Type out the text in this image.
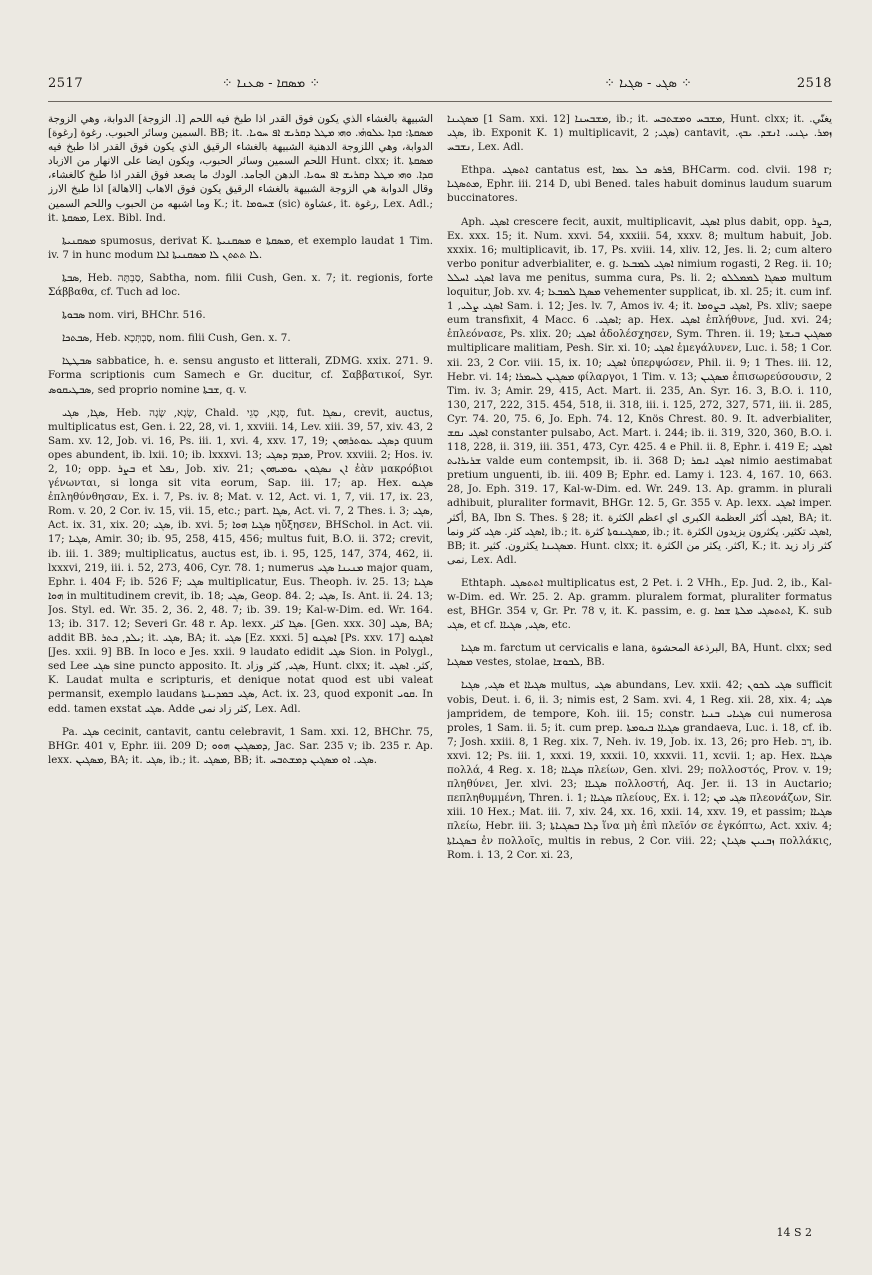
2517	⁘ ܡܣܩܐ - ܣܥܢܐ ⁘	⁘ ܣܓܝ - ܣܓܝܐ ⁘	2518

الدوابة، وهي الزوجة [الزوجة .l] الشبيهة بالغشاء الذي يكون فوق القدر اذا طبخ فيه اللحم السمين وسائر الحبوب. رغوة [رغوة]. BB; it. ܡܣܩܬܐ: ܩܕܐ ܥܠܘܗ̇ܝ. ܘܗܝ ܡܛܠ ܕܩܪܝܫ ܐܦ ܚܘܝܐ. الدوابة، وهي اللزوجة الدهنية الشبيهة بالغشاء الرقيق الذي يكون فوق القدر اذا طبخ فيه اللحم السمين وسائر الحبوب، ويكون ايضا على الانهار من الازباد Hunt. clxx; it. ܡܣܩܬܐ ܩܕܐ. ܘܗܝ ܡܛܠ ܕܩܪܝܫ ܐܦ ܚܘܝܐ. الدهن الجامد. الودك ما يصعد فوق القدر اذا طبخ كالغشاء، وقال الدوابة هي الزوجة الشبيهة بالغشاء الرقيق يكون فوق الاهاب [الاهالة] اذا طبخ الارز وما اشبهه من الحبوب واللحم السمين K.; it. ܫܚܘܡܐ (sic) عشاوة, it. رغوة, Lex. Adl.; it. ܡܣܩܬܐ, Lex. Bibl. Ind.

ܡܣܩܢܝܬܐ spumosus, derivat K. ܡܣܩܢܝܬܐ e ܡܣܩܬܐ, et exemplo laudat 1 Tim. iv. 7 in hunc modum ܠܐ ܬܬܬܢ ܠܐ ܡܣܩܢܝܬܐ ܐܠܐ.

ܣܒܬܐ, Heb. סַבְתָּה, Sabtha, nom. filii Cush, Gen. x. 7; it. regionis, forte Σάββαθα, cf. Tuch ad loc.

ܣܒܘܬܐ nom. viri, BHChr. 516.

ܣܒܬܟܐ, Heb. סַבְתְּכָא, nom. filii Cush, Gen. x. 7.

ܣܒܛܛܐ sabbatice, h. e. sensu angusto et litterali, ZDMG. xxix. 271. 9. Forma scriptionis cum Samech e Gr. ducitur, cf. Σαββατικοί, Syr. ܣܒܛܝܩܘܣ, sed proprio nomine ܫܒܬܐ, q. v.

ܣܓܐ, ܣܓܝ, Heb. שָׂגָא, שָׂגָה, Chald. סְגָא, סְגֵי, fut. ܢܣܓܐ, crevit, auctus, multiplicatus est, Gen. i. 22, 28, vi. 1, xxviii. 14, Lev. xiii. 39, 57, xiv. 43, 2 Sam. xv. 12, Job. vi. 16, Ps. iii. 1, xvi. 4, xxv. 17, 19; ܕܣܓܝ ܥܘܬܪܗܘܢ quum opes abundent, ib. lxii. 10; ib. lxxxvi. 13; ܡܕܡ ܕܣܓܝ, Prov. xxviii. 2; Hos. iv. 2, 10; opp. ܒܨܪ et ܢܦܠ, Job. xiv. 21; ܐܢ ܢܣܓܘܢ ܝܘܡܝܗܘܢ ἐὰν μακρόβιοι γένωνται, si longa sit vita eorum, Sap. iii. 17; ap. Hex. ܣܓܝܘ ἐπληθύνθησαν, Ex. i. 7, Ps. iv. 8; Mat. v. 12, Act. vi. 1, 7, vii. 17, ix. 23, Rom. v. 20, 2 Cor. iv. 15, vii. 15, etc.; part. ܣܓܐ, Act. vi. 7, 2 Thes. i. 3; ܣܓܝ, Act. ix. 31, xix. 20; ܣܓܝ, ib. xvi. 5; ܣܓܝܐ ܗܘܐ ηὔξησεν, BHSchol. in Act. vii. 17; ܣܓܝܐ, Amir. 30; ib. 95, 258, 415, 456; multus fuit, B.O. ii. 372; crevit, ib. iii. 1. 389; multiplicatus, auctus est, ib. i. 95, 125, 147, 374, 462, ii. lxxxvi, 219, iii. i. 52, 273, 406, Cyr. 78. 1; numerus ܡܢܝܢܐ ܣܓܝ major quam, Ephr. i. 404 F; ib. 526 F; ܣܓܝ multiplicatur, Eus. Theoph. iv. 25. 13; ܣܓܝܐ ܗܘܐ in multitudinem crevit, ib. 18; ܣܓܝ, Geop. 84. 2; ܣܓܝ, Is. Ant. ii. 24. 13; Jos. Styl. ed. Wr. 35. 2, 36. 2, 48. 7; ib. 39. 19; Kal-w-Dim. ed. Wr. 164. 13; ib. 317. 12; Severi Gr. 48 r. Ap. lexx. ܣܓܐ كثر. [Gen. xxx. 30] ܣܓܝ, BA; addit BB. ܝܠܕ, ܟܬܪ; it. ܣܓܝ, BA; it. ܣܓܝ [Ez. xxxi. 5] ܐܣܓܝܘ [Ps. xxv. 17] ܐܣܓܝܘ [Jes. xxii. 9] BB. In loco e Jes. xxii. 9 laudato edidit ܣܓܝ Sion. in Polygl., sed Lee ܣܓܝ sine puncto apposito. It. ܣܓܝ, كثر وزاد, Hunt. clxx; it. كثر. ܐܣܓܝ, K. Laudat multa e scripturis, et denique notat quod est ubi valeat permansit, exemplo laudans ܣܓܝ ܒܡܕܝܢܬܐ, Act. ix. 23, quod exponit ܩܘܝ. In edd. tamen exstat ܣܓܝ. Adde كثر زاد نمى, Lex. Adl.

Pa. ܣܓܝ cecinit, cantavit, cantu celebravit, 1 Sam. xxi. 12, BHChr. 75, BHGr. 401 v, Ephr. iii. 209 D; ܕܡܣܓܝܢ ܗܘܘ, Jac. Sar. 235 v; ib. 235 r. Ap. lexx. ܡܣܓܝܢ, BA; it. ܣܓܝ, ib.; it. ܡܣܓܝ, BB; it. ܣܓܝ. ܐܘ ܡܣܓܝܢ ܕܡܫܬܒܚ.

ܡܣܓܝܢܐ [1 Sam. xxi. 12] ܡܫܒܚܢܐ, ib.; it. ܡܫܒܚ ܘܡܫܬܒܚ, Hunt. clxx; it. يغنّي. ܣܓܝ, ib. Exponit K. 1) multiplicavit, ܣܓܝ; 2) cantavit, ܙܡܪ. ܝܓܢܝ. ܐܢܫܕ. ܝܒܟ. ܢܫܒܚ, Lex. Adl.

Ethpa. ܐܬܣܓܝ cantatus est, ܦܪܣ ܟܠ ܥܡܐ, BHCarm. cod. clvii. 198 r; ܡܬܣܓܝܐ, Ephr. iii. 214 D, ubi Bened. tales habuit dominus laudum suarum buccinatores.

Aph. ܐܣܓܝ crescere fecit, auxit, multiplicavit, ܐܣܓܝ plus dabit, opp. ܒܨܪ, Ex. xxx. 15; it. Num. xxvi. 54, xxxiii. 54, xxxv. 8; multum habuit, Job. xxxix. 16; multiplicavit, ib. 17, Ps. xviii. 14, xliv. 12, Jes. li. 2; cum altero verbo ponitur adverbialiter, e. g. ܐܣܓܝ ܠܡܒܥܐ nimium rogasti, 2 Reg. ii. 10; ܐܣܓܝ ܐܚܠܠ lava me penitus, summa cura, Ps. li. 2; ܡܣܓܐ ܠܡܡܠܠܘ multum loquitur, Job. xv. 4; ܡܣܓܐ ܠܡܒܥܐ vehementer supplicat, ib. xl. 25; it. cum inf. ܐܣܓܝ ܨܠܝ, 1 Sam. i. 12; Jes. lv. 7, Amos iv. 4; it. ܐܣܓܝ ܒܨܘܡܐ, Ps. xliv; saepe eum transfixit, 4 Macc. ܐܣܓܝ. 6; ap. Hex. ܐܣܓܝ ἐπλήθυνε, Jud. xvi. 24; ἐπλεόνασε, Ps. xlix. 20; ܐܣܓܝ ἀδολέσχησεν, Sym. Thren. ii. 19; ܡܣܓܝܢ ܒܝܫܬܐ multiplicare malitiam, Pesh. Sir. xi. 10; ܐܣܓܝ ἐμεγάλυνεν, Luc. i. 58; 1 Cor. xii. 23, 2 Cor. viii. 15, ix. 10; ܐܣܓܝ ὑπερψώσεν, Phil. ii. 9; 1 Thes. iii. 12, Hebr. vi. 14; ܡܣܓܝܢ ܠܚܡܪܐ φίλαργοι, 1 Tim. v. 13; ܡܣܓܝܢ ἐπισωρεύσουσιν, 2 Tim. iv. 3; Amir. 29, 415, Act. Mart. ii. 235, An. Syr. 16. 3, B.O. i. 110, 130, 217, 222, 315. 454, 518, ii. 318, iii. i. 125, 272, 327, 571, iii. ii. 285, Cyr. 74. 20, 75. 6, Jo. Eph. 74. 12, Knös Chrest. 80. 9. It. adverbialiter, ܐܣܓܝ ܢܩܫ constanter pulsabo, Act. Mart. i. 244; ib. ii. 319, 320, 360, B.O. i. 118, 228, ii. 319, iii. 351, 473, Cyr. 425. 4 e Phil. ii. 8, Ephr. i. 419 E; ܐܣܓܝ ܫܪܝܪܐܝܬ valde eum contempsit, ib. ii. 368 D; ܐܣܓܝ ܐܝܩܪ nimio aestimabat pretium unguenti, ib. iii. 409 B; Ephr. ed. Lamy i. 123. 4, 167. 10, 663. 28, Jo. Eph. 319. 17, Kal-w-Dim. ed. Wr. 249. 13. Ap. gramm. in plurali adhibuit, pluraliter formavit, BHGr. 12. 5, Gr. 355 v. Ap. lexx. ܐܣܓܝ imper. أكثر, BA, Ibn S. Thes. § 28; it. ܐܣܓܝ أكثر العظمة الكبرى اي اعظم الكثرة, BA; it. ܐܣܓܝ كثر. ܣܓܝ كثر ونما, ib.; it. ܡܣܓܝܢܘܬܐ كثرة, ib.; it. ܐܣܓܝ تكثير. يكثرون يزيدون الكثرة, BB; it. ܡܣܓܝܢܐ يكثرون. كثير. Hunt. clxx; it. اكثر. يكثر من الكثرة, K.; it. كثر زاد زيد نمى, Lex. Adl.

Ethtaph. ܐܬܬܣܓܝ multiplicatus est, 2 Pet. i. 2 VHh., Ep. Jud. 2, ib., Kal-w-Dim. ed. Wr. 25. 2. Ap. gramm. pluralem format, pluraliter formatus est, BHGr. 354 v, Gr. Pr. 78 v, it. K. passim, e. g. ܐܬܬܣܓܝ ܡܠܬܐ ܫܡܐ, K. sub ܣܓܝ, et cf. ܣܓܝ, ܣܓܝܐܐ, etc.

ܣܓܝܐ m. farctum ut cervicalis e lana, البرذعة المحشوة, BA, Hunt. clxx; sed ܡܣܓܝܐ vestes, stolae, ܠܒܘܫܐ, BB.

ܣܓܝ, ܣܓܝܐ et ܣܓܝܐܐ multus, ܣܓܝ abundans, Lev. xxii. 42; ܣܓܝ ܠܟܘܢ sufficit vobis, Deut. i. 6, ii. 3; nimis est, 2 Sam. xvi. 4, 1 Reg. xii. 28, xix. 4; ܣܓܝ jampridem, de tempore, Koh. iii. 15; constr. ܣܓܝܐܝ ܒܢܝܐ cui numerosa proles, 1 Sam. ii. 5; it. cum prep. ܣܓܝܐܐ ܒܝܘܡܬܐ grandaeva, Luc. i. 18, cf. ib. 7; Josh. xxiii. 8, 1 Reg. xix. 7, Neh. iv. 19, Job. ix. 13, 26; pro Heb. רַב, ib. xxvi. 12; Ps. iii. 1, xxxi. 19, xxxii. 10, xxxvii. 11, xcvii. 1; ap. Hex. ܣܓܝܐܐ πολλά, 4 Reg. x. 18; ܣܓܝܐܐ πλείων, Gen. xlvi. 29; πολλοστός, Prov. v. 19; πληθύνει, Jer. xlvi. 23; ܣܓܝܐܐ πολλοστή, Aq. Jer. ii. 13 in Auctario; πεπληθυμμένη, Thren. i. 1; ܣܓܝܐܐ πλείους, Ex. i. 12; ܣܓܝ ܡܢ πλεονάζων, Sir. xiii. 10 Hex.; Mat. iii. 7, xiv. 24, xx. 16, xxii. 14, xxv. 19, et passim; ܣܓܝܐܐ πλείω, Hebr. iii. 3; ܕܠܐ ܒܣܓܝܐܬܐ ἵνα μὴ ἐπὶ πλεῖόν σε ἐγκόπτω, Act. xxiv. 4; ܒܣܓܝܐܬܐ ἐν πολλοῖς, multis in rebus, 2 Cor. viii. 22; ܙܒܢܝܢ ܣܓܝܐܢ πολλάκις, Rom. i. 13, 2 Cor. xi. 23,

14 S 2
